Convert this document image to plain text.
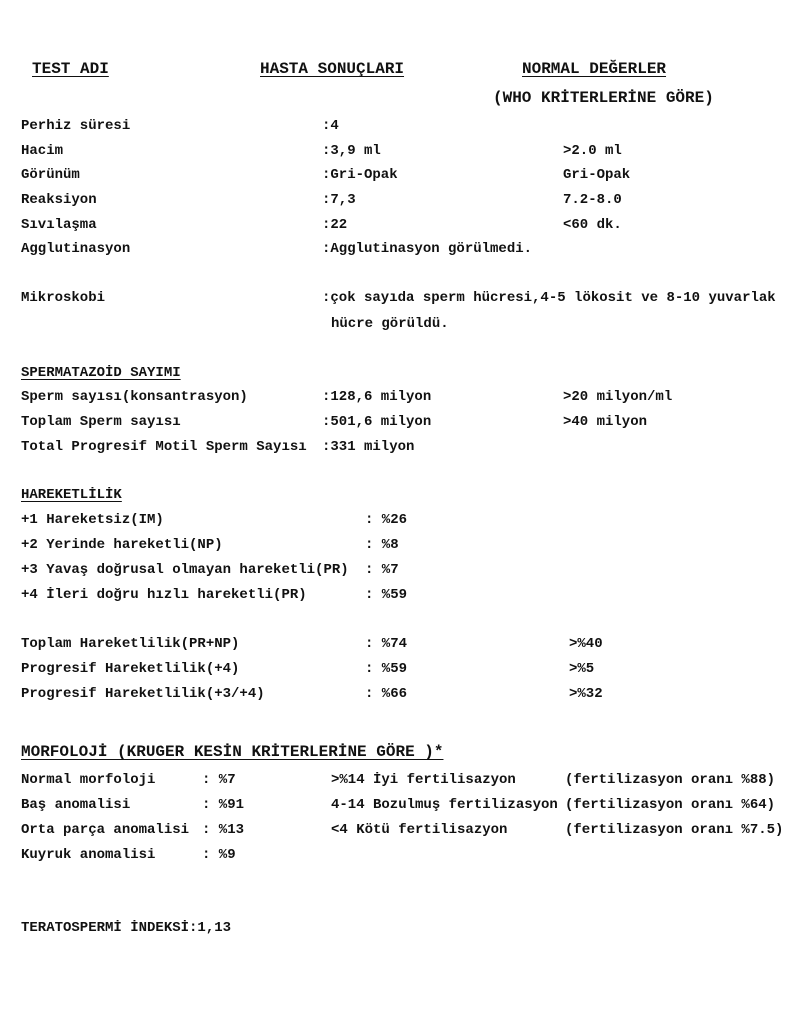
TEST ADI	HASTA SONUÇLARI	NORMAL DEĞERLER
(WHO KRİTERLERİNE GÖRE)
Perhiz süresi	:4
Hacim	:3,9 ml	>2.0 ml
Görünüm	:Gri-Opak	Gri-Opak
Reaksiyon	:7,3	7.2-8.0
Sıvılaşma	:22	<60 dk.
Agglutinasyon	:Agglutinasyon görülmedi.
Mikroskobi	:çok sayıda sperm hücresi,4-5 lökosit ve 8-10 yuvarlak
hücre görüldü.
SPERMATAZOİD SAYIMI
Sperm sayısı(konsantrasyon)	:128,6 milyon	>20 milyon/ml
Toplam Sperm sayısı	:501,6 milyon	>40 milyon
Total Progresif Motil Sperm Sayısı :331 milyon
HAREKETLİLİK
+1 Hareketsiz(IM)	: %26
+2 Yerinde hareketli(NP)	: %8
+3 Yavaş doğrusal olmayan hareketli(PR) : %7
+4 İleri doğru hızlı hareketli(PR)	: %59
Toplam Hareketlilik(PR+NP)	: %74	>%40
Progresif Hareketlilik(+4)	: %59	>%5
Progresif Hareketlilik(+3/+4)	: %66	>%32
MORFOLOJİ (KRUGER KESİN KRİTERLERİNE GÖRE )*
Normal morfoloji	: %7	>%14 İyi fertilisazyon	(fertilizasyon oranı %88)
Baş anomalisi	: %91	4-14 Bozulmuş fertilizasyon (fertilizasyon oranı %64)
Orta parça anomalisi : %13	<4 Kötü fertilisazyon	(fertilizasyon oranı %7.5)
Kuyruk anomalisi	: %9
TERATOSPERMİ İNDEKSİ:1,13
